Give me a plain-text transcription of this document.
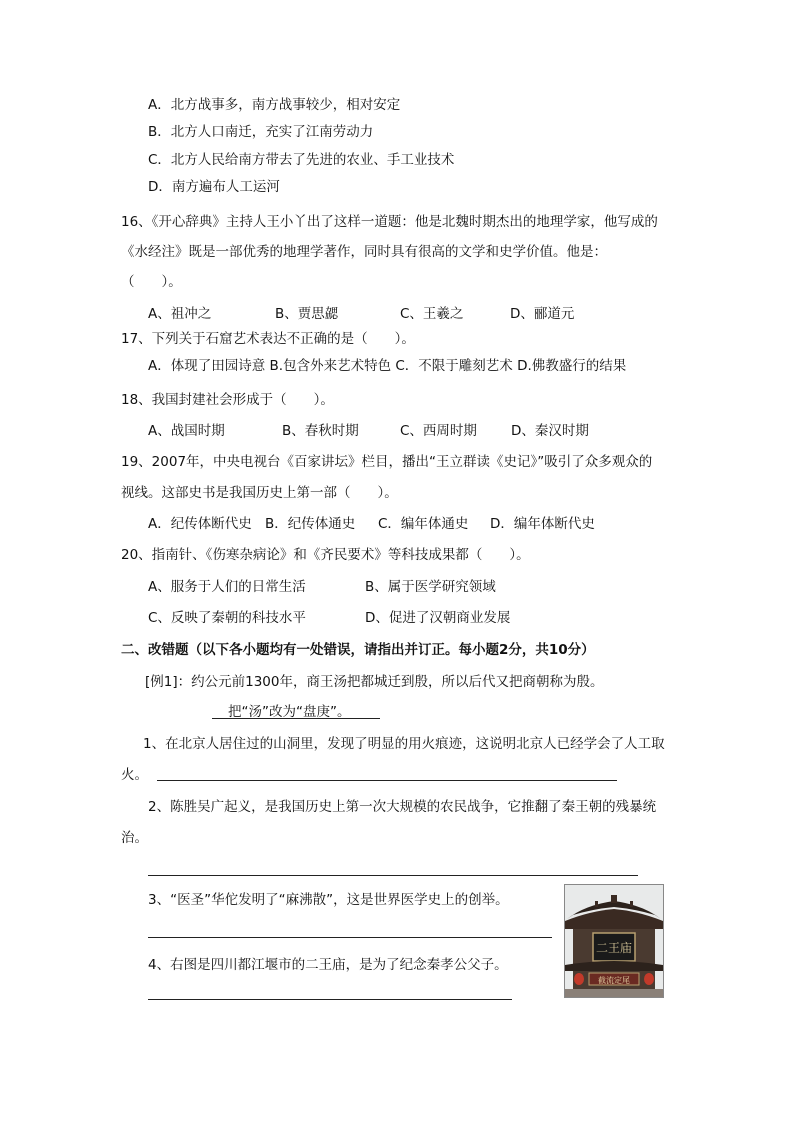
A．北方战事多，南方战事较少，相对安定
B．北方人口南迁，充实了江南劳动力
C．北方人民给南方带去了先进的农业、手工业技术
D．南方遍布人工运河
16、《开心辞典》主持人王小丫出了这样一道题：他是北魏时期杰出的地理学家，他写成的
《水经注》既是一部优秀的地理学著作，同时具有很高的文学和史学价值。他是：
（　　）。
A、祖冲之	B、贾思勰	C、王羲之	D、郦道元
17、下列关于石窟艺术表达不正确的是（　　）。
A．体现了田园诗意 B.包含外来艺术特色 C．不限于雕刻艺术 D.佛教盛行的结果
18、我国封建社会形成于（　　）。
A、战国时期	B、春秋时期	C、西周时期	D、秦汉时期
19、2007年，中央电视台《百家讲坛》栏目，播出“王立群读《史记》”吸引了众多观众的
视线。这部史书是我国历史上第一部（　　）。
A．纪传体断代史 B．纪传体通史 C．编年体通史 D．编年体断代史
20、指南针、《伤寒杂病论》和《齐民要术》等科技成果都（　　）。
A、服务于人们的日常生活	B、属于医学研究领域
C、反映了秦朝的科技水平	D、促进了汉朝商业发展
二、改错题（以下各小题均有一处错误，请指出并订正。每小题2分，共10分）
[例1]：约公元前1300年，商王汤把都城迁到殷，所以后代又把商朝称为殷。
把“汤”改为“盘庚”。
1、在北京人居住过的山洞里，发现了明显的用火痕迹，这说明北京人已经学会了人工取
火。
2、陈胜吴广起义，是我国历史上第一次大规模的农民战争，它推翻了秦王朝的残暴统
治。
3、“医圣”华佗发明了“麻沸散”，这是世界医学史上的创举。
4、右图是四川都江堰市的二王庙，是为了纪念秦孝公父子。
二王庙
截流定尾
